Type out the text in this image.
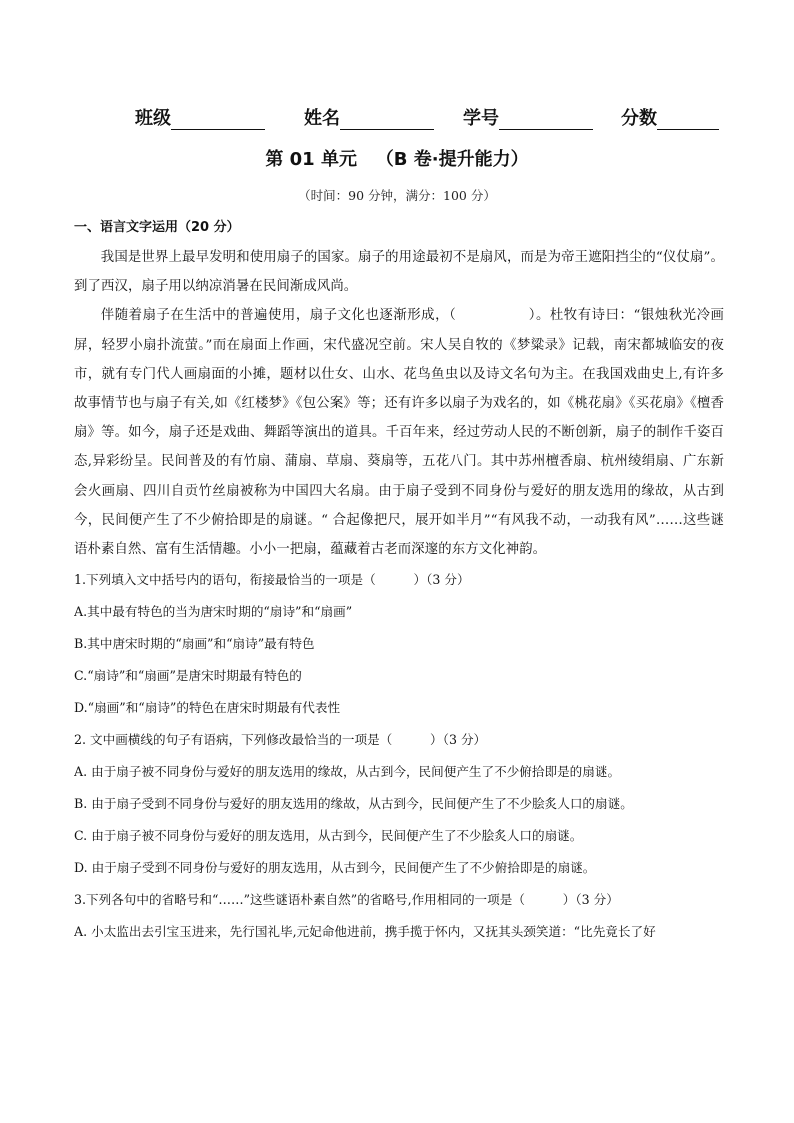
班级	姓名	学号	分数
第 01 单元 （B 卷·提升能力）
（时间：90 分钟，满分：100 分）
一、语言文字运用（20 分）

我国是世界上最早发明和使用扇子的国家。扇子的用途最初不是扇风，而是为帝王遮阳挡尘的“仪仗扇”。到了西汉，扇子用以纳凉消暑在民间渐成风尚。

伴随着扇子在生活中的普遍使用，扇子文化也逐渐形成，（	）。杜牧有诗曰：“银烛秋光冷画屏，轻罗小扇扑流萤。”而在扇面上作画，宋代盛况空前。宋人吴自牧的《梦粱录》记载，南宋都城临安的夜市，就有专门代人画扇面的小摊，题材以仕女、山水、花鸟鱼虫以及诗文名句为主。在我国戏曲史上,有许多故事情节也与扇子有关,如《红楼梦》《包公案》等；还有许多以扇子为戏名的，如《桃花扇》《买花扇》《檀香扇》等。如今，扇子还是戏曲、舞蹈等演出的道具。千百年来，经过劳动人民的不断创新，扇子的制作千姿百态,异彩纷呈。民间普及的有竹扇、蒲扇、草扇、葵扇等，五花八门。其中苏州檀香扇、杭州绫绢扇、广东新会火画扇、四川自贡竹丝扇被称为中国四大名扇。由于扇子受到不同身份与爱好的朋友选用的缘故，从古到今，民间便产生了不少俯拾即是的扇谜。“ 合起像把尺，展开如半月”“有风我不动，一动我有风”……这些谜语朴素自然、富有生活情趣。小小一把扇，蕴藏着古老而深邃的东方文化神韵。

1.下列填入文中括号内的语句，衔接最恰当的一项是（　　　）（3 分）

A.其中最有特色的当为唐宋时期的“扇诗”和“扇画”

B.其中唐宋时期的“扇画”和“扇诗”最有特色

C.“扇诗”和“扇画”是唐宋时期最有特色的

D.“扇画”和“扇诗”的特色在唐宋时期最有代表性

2. 文中画横线的句子有语病，下列修改最恰当的一项是（　　　）（3 分）

A. 由于扇子被不同身份与爱好的朋友选用的缘故，从古到今，民间便产生了不少俯拾即是的扇谜。

B. 由于扇子受到不同身份与爱好的朋友选用的缘故，从古到今，民间便产生了不少脍炙人口的扇谜。

C. 由于扇子被不同身份与爱好的朋友选用，从古到今，民间便产生了不少脍炙人口的扇谜。

D. 由于扇子受到不同身份与爱好的朋友选用，从古到今，民间便产生了不少俯拾即是的扇谜。

3.下列各句中的省略号和“……”这些谜语朴素自然”的省略号,作用相同的一项是（　　　）（3 分）

A. 小太监出去引宝玉进来，先行国礼毕,元妃命他进前，携手揽于怀内，又抚其头颈笑道：“比先竟长了好
